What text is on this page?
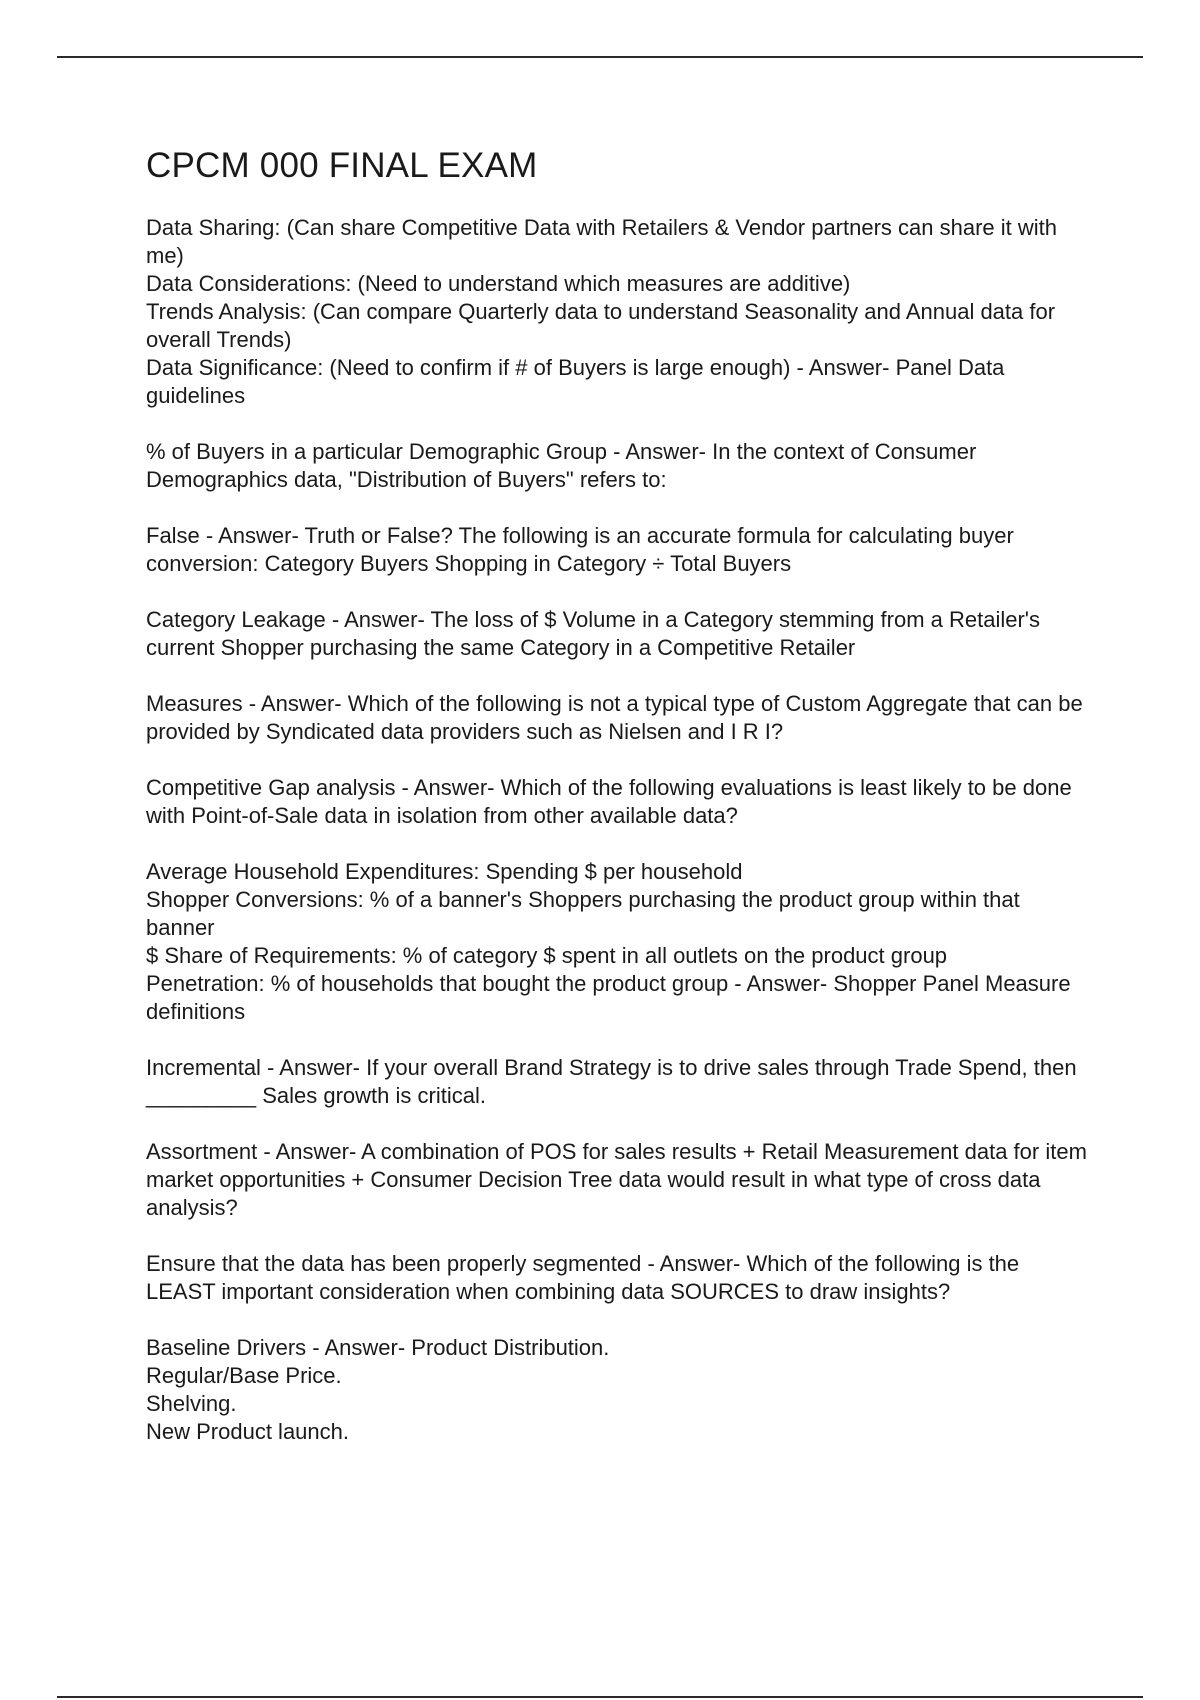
CPCM 000 FINAL EXAM

Data Sharing: (Can share Competitive Data with Retailers & Vendor partners can share it with me)

Data Considerations: (Need to understand which measures are additive)

Trends Analysis: (Can compare Quarterly data to understand Seasonality and Annual data for overall Trends)

Data Significance: (Need to confirm if # of Buyers is large enough) - Answer- Panel Data guidelines

% of Buyers in a particular Demographic Group - Answer- In the context of Consumer Demographics data, "Distribution of Buyers" refers to:

False - Answer- Truth or False? The following is an accurate formula for calculating buyer conversion: Category Buyers Shopping in Category ÷ Total Buyers

Category Leakage - Answer- The loss of $ Volume in a Category stemming from a Retailer's current Shopper purchasing the same Category in a Competitive Retailer

Measures - Answer- Which of the following is not a typical type of Custom Aggregate that can be provided by Syndicated data providers such as Nielsen and I R I?

Competitive Gap analysis - Answer- Which of the following evaluations is least likely to be done with Point-of-Sale data in isolation from other available data?

Average Household Expenditures: Spending $ per household

Shopper Conversions: % of a banner's Shoppers purchasing the product group within that banner

$ Share of Requirements: % of category $ spent in all outlets on the product group

Penetration: % of households that bought the product group - Answer- Shopper Panel Measure definitions

Incremental - Answer- If your overall Brand Strategy is to drive sales through Trade Spend, then _________ Sales growth is critical.

Assortment - Answer- A combination of POS for sales results + Retail Measurement data for item market opportunities + Consumer Decision Tree data would result in what type of cross data analysis?

Ensure that the data has been properly segmented - Answer- Which of the following is the LEAST important consideration when combining data SOURCES to draw insights?

Baseline Drivers - Answer- Product Distribution.

Regular/Base Price.

Shelving.

New Product launch.
